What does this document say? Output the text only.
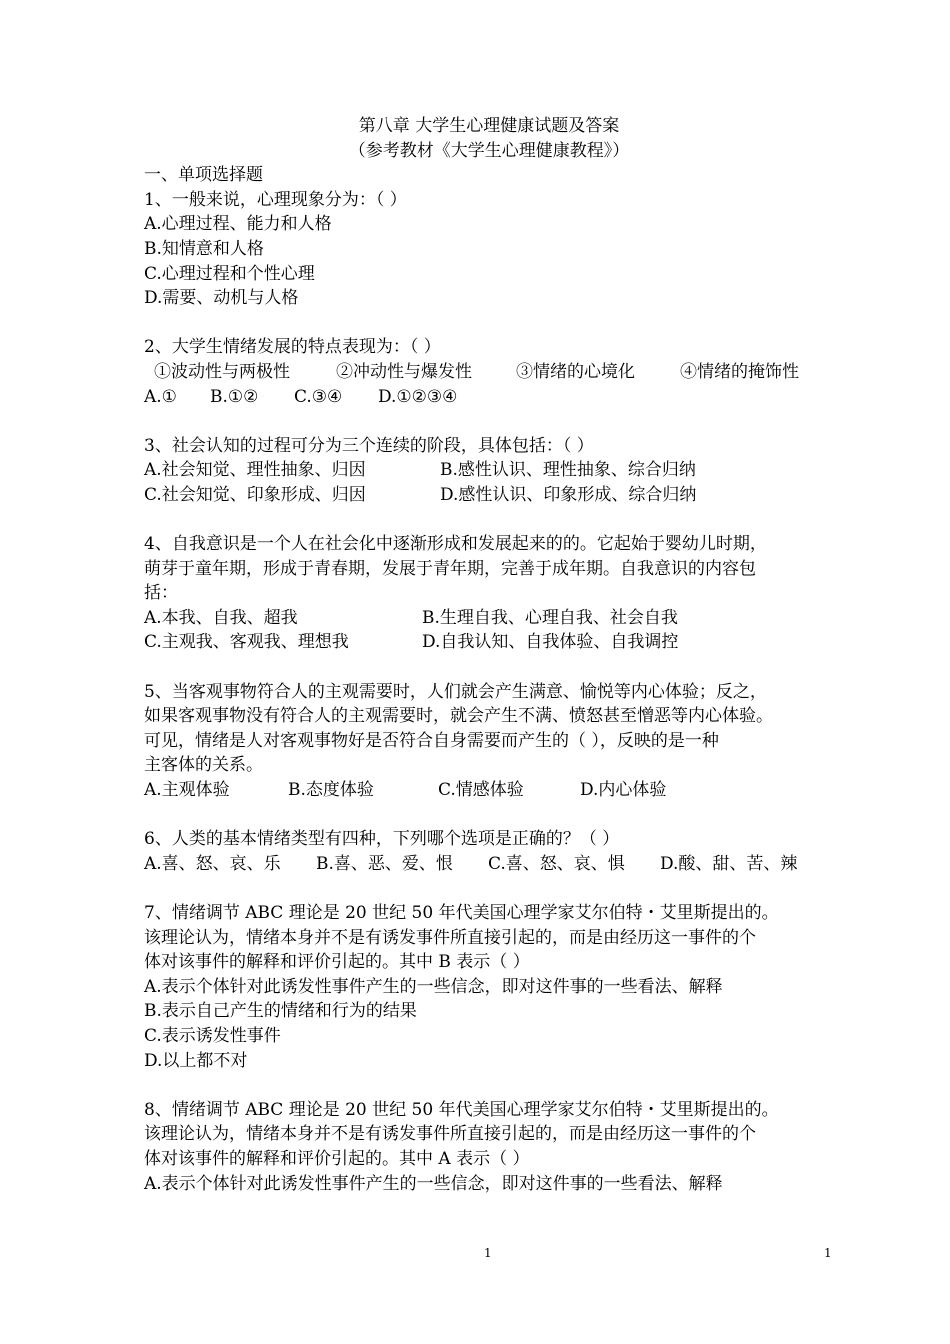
第八章 大学生心理健康试题及答案
（参考教材《大学生心理健康教程》）
一、单项选择题
1、一般来说，心理现象分为：（ ）
A.心理过程、能力和人格
B.知情意和人格
C.心理过程和个性心理
D.需要、动机与人格
2、大学生情绪发展的特点表现为：（ ）
①波动性与两极性	②冲动性与爆发性	③情绪的心境化	④情绪的掩饰性
A.① B.①② C.③④ D.①②③④
3、社会认知的过程可分为三个连续的阶段，具体包括：（ ）
A.社会知觉、理性抽象、归因	B.感性认识、理性抽象、综合归纳
C.社会知觉、印象形成、归因	D.感性认识、印象形成、综合归纳
4、自我意识是一个人在社会化中逐渐形成和发展起来的的。它起始于婴幼儿时期，
萌芽于童年期，形成于青春期，发展于青年期，完善于成年期。自我意识的内容包
括：
A.本我、自我、超我	B.生理自我、心理自我、社会自我
C.主观我、客观我、理想我	D.自我认知、自我体验、自我调控
5、当客观事物符合人的主观需要时，人们就会产生满意、愉悦等内心体验；反之，
如果客观事物没有符合人的主观需要时，就会产生不满、愤怒甚至憎恶等内心体验。
可见，情绪是人对客观事物好是否符合自身需要而产生的（ ），反映的是一种
主客体的关系。
A.主观体验	B.态度体验	C.情感体验	D.内心体验
6、人类的基本情绪类型有四种，下列哪个选项是正确的？（ ）
A.喜、怒、哀、乐 B.喜、恶、爱、恨 C.喜、怒、哀、惧 D.酸、甜、苦、辣
7、情绪调节 ABC 理论是 20 世纪 50 年代美国心理学家艾尔伯特・艾里斯提出的。
该理论认为，情绪本身并不是有诱发事件所直接引起的，而是由经历这一事件的个
体对该事件的解释和评价引起的。其中 B 表示（ ）
A.表示个体针对此诱发性事件产生的一些信念，即对这件事的一些看法、解释
B.表示自己产生的情绪和行为的结果
C.表示诱发性事件
D.以上都不对
8、情绪调节 ABC 理论是 20 世纪 50 年代美国心理学家艾尔伯特・艾里斯提出的。
该理论认为，情绪本身并不是有诱发事件所直接引起的，而是由经历这一事件的个
体对该事件的解释和评价引起的。其中 A 表示（ ）
A.表示个体针对此诱发性事件产生的一些信念，即对这件事的一些看法、解释
1	1
